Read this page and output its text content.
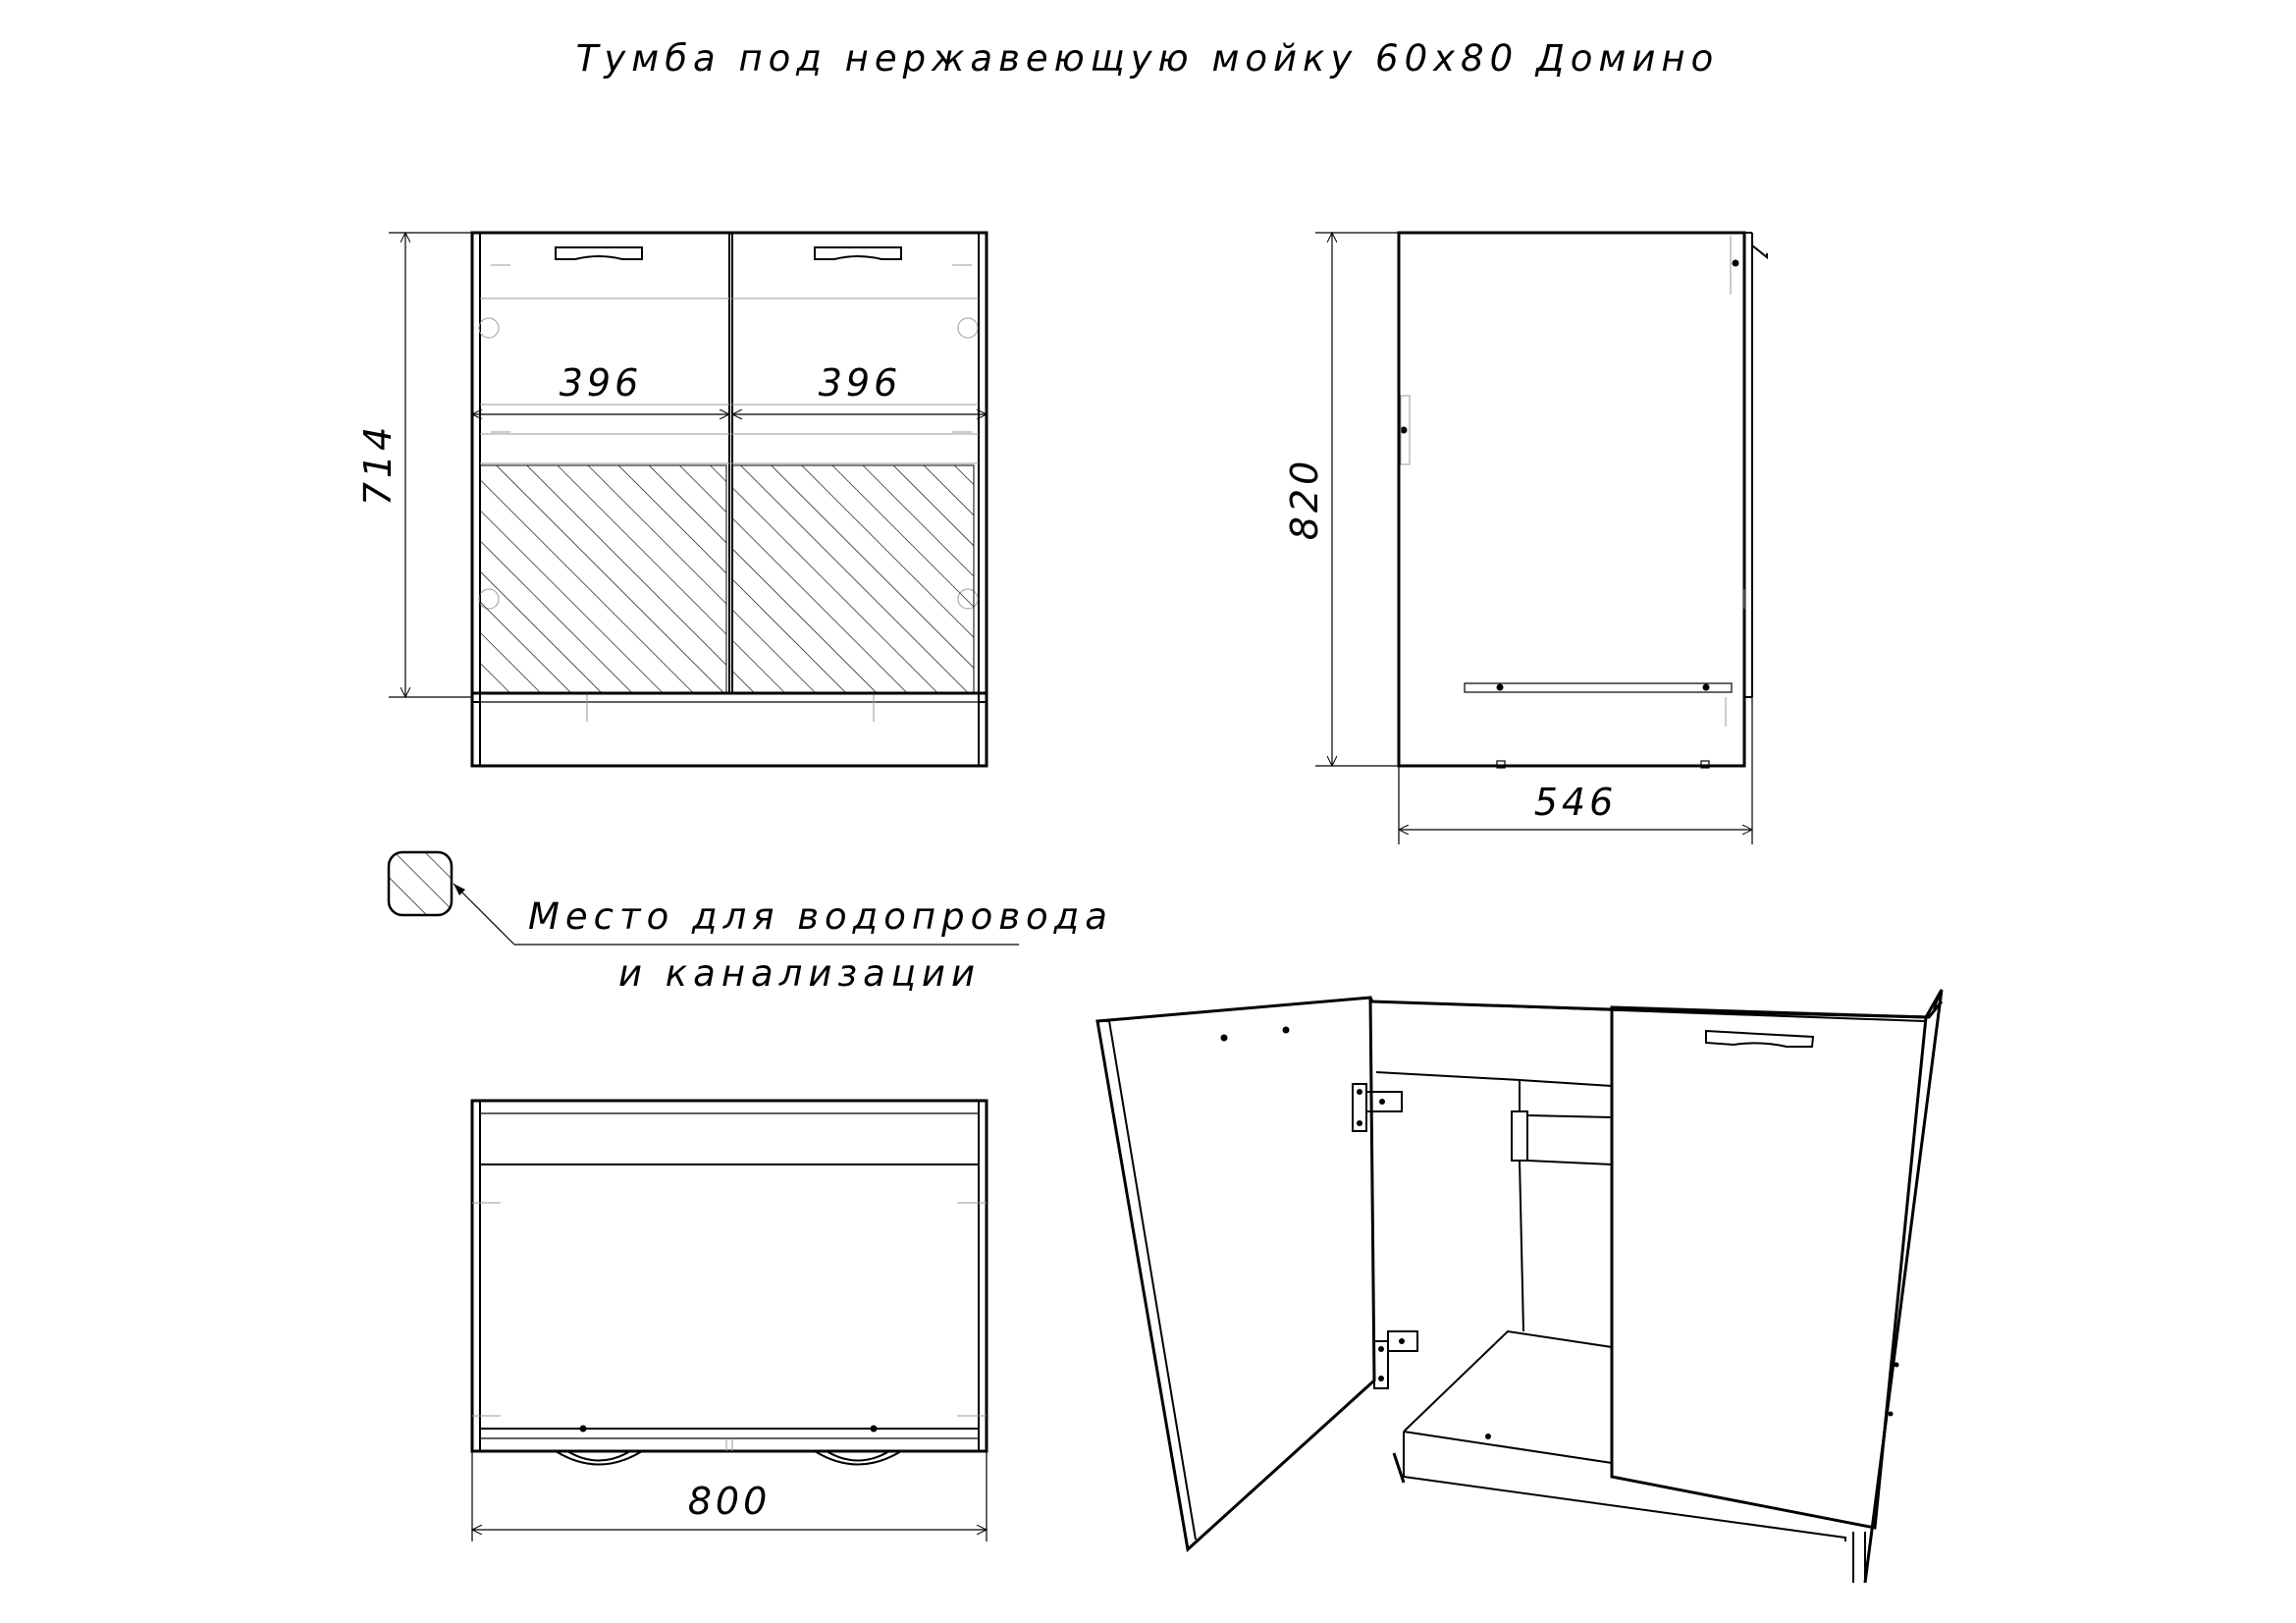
Тумба под нержавеющую мойку 60х80 Домино
396	396
714	820
546
Место для водопровода
и канализации
800
